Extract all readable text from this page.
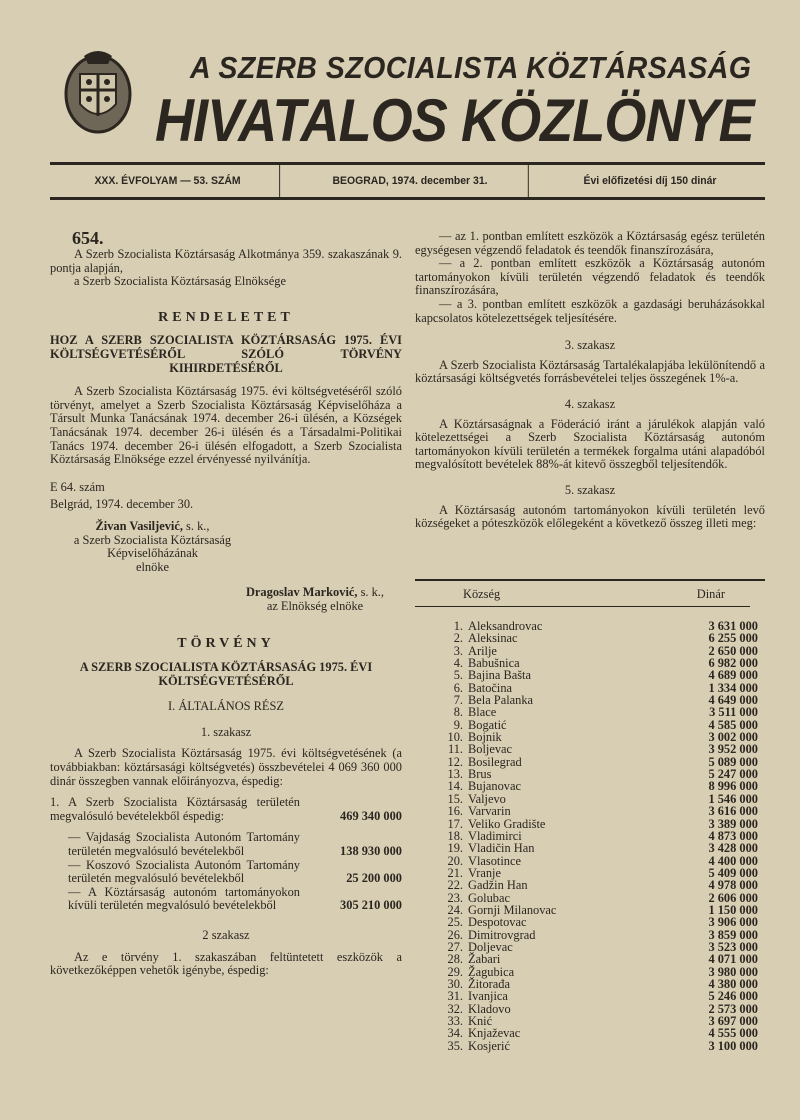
A SZERB SZOCIALISTA KÖZTÁRSASÁG
HIVATALOS KÖZLÖNYE
XXX. ÉVFOLYAM — 53. SZÁM	BEOGRAD, 1974. december 31.	Évi előfizetési díj 150 dinár
654.

A Szerb Szocialista Köztársaság Alkotmánya 359. szakaszának 9. pontja alapján,

a Szerb Szocialista Köztársaság Elnöksége

RENDELETET
HOZ A SZERB SZOCIALISTA KÖZTÁRSASÁG 1975. ÉVI KÖLTSÉGVETÉSÉRŐL SZÓLÓ TÖRVÉNY KIHIRDETÉSÉRŐL

A Szerb Szocialista Köztársaság 1975. évi költségvetéséről szóló törvényt, amelyet a Szerb Szocialista Köztársaság Képviselőháza a Társult Munka Tanácsának 1974. december 26-i ülésén, a Községek Tanácsának 1974. december 26-i ülésén és a Társadalmi-Politikai Tanács 1974. december 26-i ülésén elfogadott, a Szerb Szocialista Köztársaság Elnöksége ezzel érvényessé nyilvánítja.

E 64. szám
Belgrád, 1974. december 30.
Živan Vasiljević, s. k.,
a Szerb Szocialista Köztársaság
Képviselőházának
elnöke
Dragoslav Marković, s. k.,
az Elnökség elnöke
TÖRVÉNY
A SZERB SZOCIALISTA KÖZTÁRSASÁG 1975. ÉVI KÖLTSÉGVETÉSÉRŐL
I. ÁLTALÁNOS RÉSZ
1. szakasz

A Szerb Szocialista Köztársaság 1975. évi költségvetésének (a továbbiakban: köztársasági költségvetés) összbevételei 4 069 360 000 dinár összegben vannak előirányozva, éspedig:

1. A Szerb Szocialista Köztársaság területén megvalósuló bevételekből éspedig:	469 340 000
— Vajdaság Szocialista Autonóm Tartomány területén megvalósuló bevételekből	138 930 000
— Koszovó Szocialista Autonóm Tartomány területén megvalósuló bevételekből	25 200 000
— A Köztársaság autonóm tartományokon kívüli területén megvalósuló bevételekből	305 210 000
2 szakasz

Az e törvény 1. szakaszában feltüntetett eszközök a következőképpen vehetők igénybe, éspedig:

— az 1. pontban említett eszközök a Köztársaság egész területén egységesen végzendő feladatok és teendők finanszírozására,

— a 2. pontban említett eszközök a Köztársaság autonóm tartományokon kívüli területén végzendő feladatok és teendők finanszírozására,

— a 3. pontban említett eszközök a gazdasági beruházásokkal kapcsolatos kötelezettségek teljesítésére.

3. szakasz

A Szerb Szocialista Köztársaság Tartalékalapjába lekülönítendő a köztársasági költségvetés forrásbevételei teljes összegének 1%-a.

4. szakasz

A Köztársaságnak a Föderáció iránt a járulékok alapján való kötelezettségei a Szerb Szocialista Köztársaság autonóm tartományokon kívüli területén a termékek forgalma utáni alapadóból megvalósított bevételek 88%-át kitevő összegből teljesítendők.

5. szakasz

A Köztársaság autonóm tartományokon kívüli területén levő községeket a póteszközök előlegeként a következő összeg illeti meg:

Község	Dinár
1. Aleksandrovac	3 631 000
2. Aleksinac	6 255 000
3. Arilje	2 650 000
4. Babušnica	6 982 000
5. Bajina Bašta	4 689 000
6. Batočina	1 334 000
7. Bela Palanka	4 649 000
8. Blace	3 511 000
9. Bogatić	4 585 000
10. Bojnik	3 002 000
11. Boljevac	3 952 000
12. Bosilegrad	5 089 000
13. Brus	5 247 000
14. Bujanovac	8 996 000
15. Valjevo	1 546 000
16. Varvarin	3 616 000
17. Veliko Gradište	3 389 000
18. Vladimirci	4 873 000
19. Vladičin Han	3 428 000
20. Vlasotince	4 400 000
21. Vranje	5 409 000
22. Gadžin Han	4 978 000
23. Golubac	2 606 000
24. Gornji Milanovac	1 150 000
25. Despotovac	3 906 000
26. Dimitrovgrad	3 859 000
27. Doljevac	3 523 000
28. Žabari	4 071 000
29. Žagubica	3 980 000
30. Žitorađa	4 380 000
31. Ivanjica	5 246 000
32. Kladovo	2 573 000
33. Knić	3 697 000
34. Knjaževac	4 555 000
35. Kosjerić	3 100 000
